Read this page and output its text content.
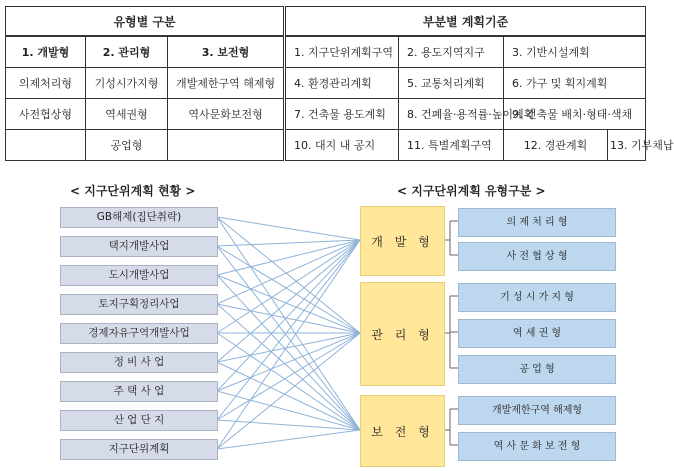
유형별 구분			부분별 계획기준			
1. 개발형	2. 관리형	3. 보전형	1. 지구단위계획구역	2. 용도지역지구	3. 기반시설계획	
의제처리형	기성시가지형	개발제한구역 해제형	4. 환경관리계획	5. 교통처리계획	6. 가구 및 획지계획	
사전협상형	역세권형	역사문화보전형	7. 건축물 용도계획	8. 건폐율·용적률·높이계획	9. 건축물 배치·형태·색채	
	공업형		10. 대지 내 공지	11. 특별계획구역	12. 경관계획	13. 기부채납
< 지구단위계획 현황 >	< 지구단위계획 유형구분 >
GB해제(집단취락)
택지개발사업
도시개발사업
토지구획정리사업
경제자유구역개발사업
정 비 사 업
주 택 사 업
산 업 단 지
지구단위계획
개 발 형
관 리 형
보 전 형
의 제 처 리 형
사 전 협 상 형
기 성 시 가 지 형
역 세 권 형
공 업 형
개발제한구역 해제형
역 사 문 화 보 전 형
